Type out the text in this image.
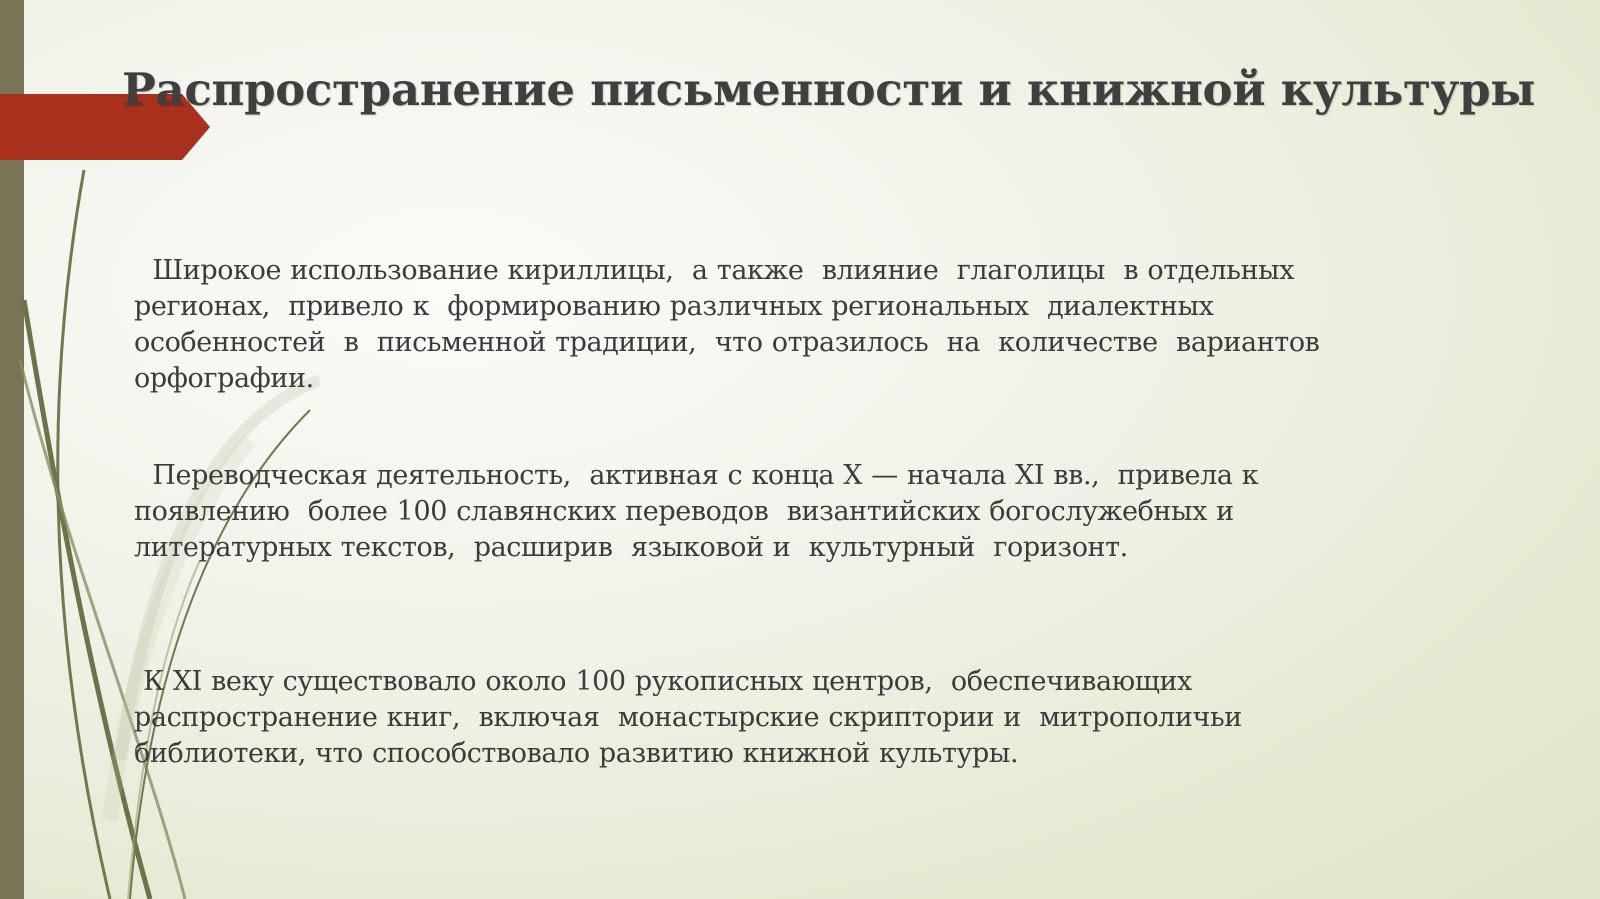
Распространение письменности и книжной культуры
Широкое использование кириллицы,  а также  влияние  глаголицы  в отдельных
регионах,  привело к  формированию различных региональных  диалектных
особенностей  в  письменной традиции,  что отразилось  на  количестве  вариантов
орфографии.
Переводческая деятельность,  активная с конца X — начала XI вв.,  привела к
появлению  более 100 славянских переводов  византийских богослужебных и
литературных текстов,  расширив  языковой и  культурный  горизонт.
К XI веку существовало около 100 рукописных центров,  обеспечивающих
распространение книг,  включая  монастырские скриптории и  митрополичьи
библиотеки, что способствовало развитию книжной культуры.
